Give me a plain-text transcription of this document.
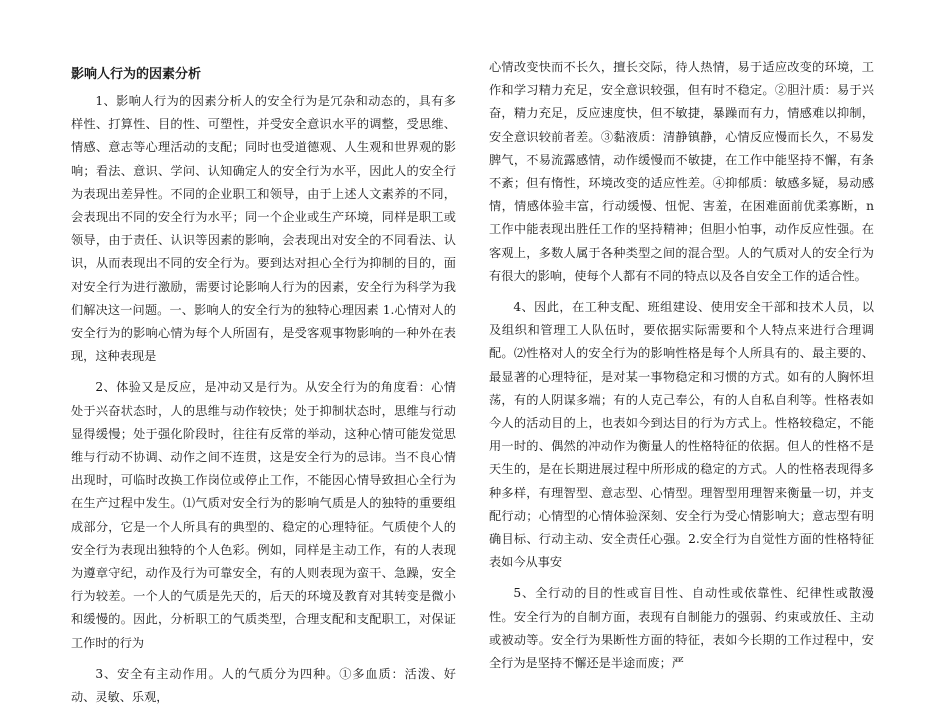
影响人行为的因素分析

1、影响人行为的因素分析人的安全行为是冗杂和动态的，具有多样性、打算性、目的性、可塑性，并受安全意识水平的调整，受思维、情感、意志等心理活动的支配；同时也受道德观、人生观和世界观的影响；看法、意识、学问、认知确定人的安全行为水平，因此人的安全行为表现出差异性。不同的企业职工和领导，由于上述人文素养的不同，会表现出不同的安全行为水平；同一个企业或生产环境，同样是职工或领导，由于责任、认识等因素的影响，会表现出对安全的不同看法、认识，从而表现出不同的安全行为。要到达对担心全行为抑制的目的，面对安全行为进行激励，需要讨论影响人行为的因素，安全行为科学为我们解决这一问题。一、影响人的安全行为的独特心理因素 1.心情对人的安全行为的影响心情为每个人所固有，是受客观事物影响的一种外在表现，这种表现是

2、体验又是反应，是冲动又是行为。从安全行为的角度看：心情处于兴奋状态时，人的思维与动作较快；处于抑制状态时，思维与行动显得缓慢；处于强化阶段时，往往有反常的举动，这种心情可能发觉思维与行动不协调、动作之间不连贯，这是安全行为的忌讳。当不良心情出现时，可临时改换工作岗位或停止工作，不能因心情导致担心全行为在生产过程中发生。⑴气质对安全行为的影响气质是人的独特的重要组成部分，它是一个人所具有的典型的、稳定的心理特征。气质使个人的安全行为表现出独特的个人色彩。例如，同样是主动工作，有的人表现为遵章守纪，动作及行为可靠安全，有的人则表现为蛮干、急躁，安全行为较差。一个人的气质是先天的，后天的环境及教育对其转变是微小和缓慢的。因此，分析职工的气质类型，合理支配和支配职工，对保证工作时的行为

3、安全有主动作用。人的气质分为四种。①多血质：活泼、好动、灵敏、乐观，

心情改变快而不长久，擅长交际，待人热情，易于适应改变的环境，工作和学习精力充足，安全意识较强，但有时不稳定。②胆汁质：易于兴奋，精力充足，反应速度快，但不敏捷，暴躁而有力，情感难以抑制，安全意识较前者差。③黏液质：清静镇静，心情反应慢而长久，不易发脾气，不易流露感情，动作缓慢而不敏捷，在工作中能坚持不懈，有条不紊；但有惰性，环境改变的适应性差。④抑郁质：敏感多疑，易动感情，情感体验丰富，行动缓慢、忸怩、害羞，在困难面前优柔寡断，n工作中能表现出胜任工作的坚持精神；但胆小怕事，动作反应性强。在客观上，多数人属于各种类型之间的混合型。人的气质对人的安全行为有很大的影响，使每个人都有不同的特点以及各自安全工作的适合性。

4、因此，在工种支配、班组建设、使用安全干部和技术人员，以及组织和管理工人队伍时，要依据实际需要和个人特点来进行合理调配。⑵性格对人的安全行为的影响性格是每个人所具有的、最主要的、最显著的心理特征，是对某一事物稳定和习惯的方式。如有的人胸怀坦荡，有的人阴谋多端；有的人克己奉公，有的人自私自利等。性格表如今人的活动目的上，也表如今到达目的行为方式上。性格较稳定，不能用一时的、偶然的冲动作为衡量人的性格特征的依据。但人的性格不是天生的，是在长期进展过程中所形成的稳定的方式。人的性格表现得多种多样，有理智型、意志型、心情型。理智型用理智来衡量一切，并支配行动；心情型的心情体验深刻、安全行为受心情影响大；意志型有明确目标、行动主动、安全责任心强。2.安全行为自觉性方面的性格特征表如今从事安

5、全行动的目的性或盲目性、自动性或依靠性、纪律性或散漫性。安全行为的自制方面，表现有自制能力的强弱、约束或放任、主动或被动等。安全行为果断性方面的特征，表如今长期的工作过程中，安全行为是坚持不懈还是半途而废；严
